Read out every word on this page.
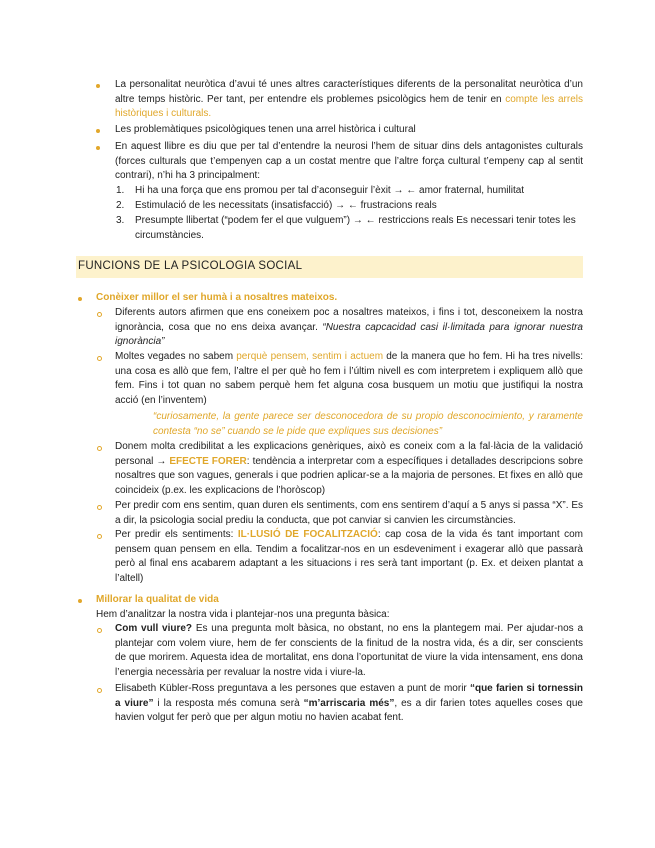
La personalitat neuròtica d’avui té unes altres característiques diferents de la personalitat neuròtica d’un altre temps històric. Per tant, per entendre els problemes psicològics hem de tenir en compte les arrels històriques i culturals.
Les problemàtiques psicològiques tenen una arrel històrica i cultural
En aquest llibre es diu que per tal d’entendre la neurosi l’hem de situar dins dels antagonistes culturals (forces culturals que t’empenyen cap a un costat mentre que l’altre força cultural t’empeny cap al sentit contrari), n’hi ha 3 principalment:
1. Hi ha una força que ens promou per tal d’aconseguir l’èxit → ← amor fraternal, humilitat
2. Estimulació de les necessitats (insatisfacció) → ← frustracions reals
3. Presumpte llibertat (“podem fer el que vulguem”) → ← restriccions reals Es necessari tenir totes les circumstàncies.
FUNCIONS DE LA PSICOLOGIA SOCIAL
Conèixer millor el ser humà i a nosaltres mateixos.
Diferents autors afirmen que ens coneixem poc a nosaltres mateixos, i fins i tot, desconeixem la nostra ignorància, cosa que no ens deixa avançar. “Nuestra capcacidad casi il·limitada para ignorar nuestra ignorància”
Moltes vegades no sabem perquè pensem, sentim i actuem de la manera que ho fem. Hi ha tres nivells: una cosa es allò que fem, l’altre el per què ho fem i l’últim nivell es com interpretem i expliquem allò que fem. Fins i tot quan no sabem perquè hem fet alguna cosa busquem un motiu que justifiqui la nostra acció (en l’inventem)
“curiosamente, la gente parece ser desconocedora de su propio desconocimiento, y raramente contesta “no se” cuando se le pide que expliques sus decisiones”
Donem molta credibilitat a les explicacions genèriques, això es coneix com a la fal·làcia de la validació personal → EFECTE FORER: tendència a interpretar com a específiques i detallades descripcions sobre nosaltres que son vagues, generals i que podrien aplicar-se a la majoria de persones. Et fixes en allò que coincideix (p.ex. les explicacions de l’horòscop)
Per predir com ens sentim, quan duren els sentiments, com ens sentirem d’aquí a 5 anys si passa “X”. Es a dir, la psicologia social prediu la conducta, que pot canviar si canvien les circumstàncies.
Per predir els sentiments: IL·LUSIÓ DE FOCALITZACIÓ: cap cosa de la vida és tant important com pensem quan pensem en ella. Tendim a focalitzar-nos en un esdeveniment i exagerar allò que passarà però al final ens acabarem adaptant a les situacions i res serà tant important (p. Ex. et deixen plantat a l’altell)
Millorar la qualitat de vida
Hem d’analitzar la nostra vida i plantejar-nos una pregunta bàsica:
Com vull viure? Es una pregunta molt bàsica, no obstant, no ens la plantegem mai. Per ajudar-nos a plantejar com volem viure, hem de fer conscients de la finitud de la nostra vida, és a dir, ser conscients de que morirem. Aquesta idea de mortalitat, ens dona l’oportunitat de viure la vida intensament, ens dona l’energia necessària per revaluar la nostre vida i viure-la.
Elisabeth Kübler-Ross preguntava a les persones que estaven a punt de morir “que farien si tornessin a viure” i la resposta més comuna serà “m’arriscaria més”, es a dir farien totes aquelles coses que havien volgut fer però que per algun motiu no havien acabat fent.
